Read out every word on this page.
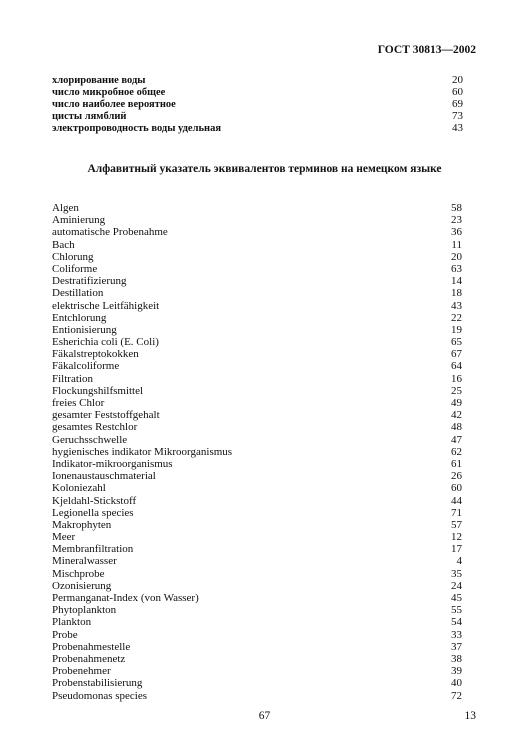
ГОСТ 30813—2002
хлорирование воды	20
число микробное общее	60
число наиболее вероятное	69
цисты лямблий	73
электропроводность воды удельная	43
Алфавитный указатель эквивалентов терминов на немецком языке
Algen	58
Aminierung	23
automatische Probenahme	36
Bach	11
Chlorung	20
Coliforme	63
Destratifizierung	14
Destillation	18
elektrische Leitfähigkeit	43
Entchlorung	22
Entionisierung	19
Esherichia coli (E. Coli)	65
Fäkalstreptokokken	67
Fäkalcoliforme	64
Filtration	16
Flockungshilfsmittel	25
freies Chlor	49
gesamter Feststoffgehalt	42
gesamtes Restchlor	48
Geruchsschwelle	47
hygienisches indikator Mikroorganismus	62
Indikator-mikroorganismus	61
Ionenaustauschmaterial	26
Koloniezahl	60
Kjeldahl-Stickstoff	44
Legionella species	71
Makrophyten	57
Meer	12
Membranfiltration	17
Mineralwasser	4
Mischprobe	35
Ozonisierung	24
Permanganat-Index (von Wasser)	45
Phytoplankton	55
Plankton	54
Probe	33
Probenahmestelle	37
Probenahmenetz	38
Probenehmer	39
Probenstabilisierung	40
Pseudomonas species	72
67	13
